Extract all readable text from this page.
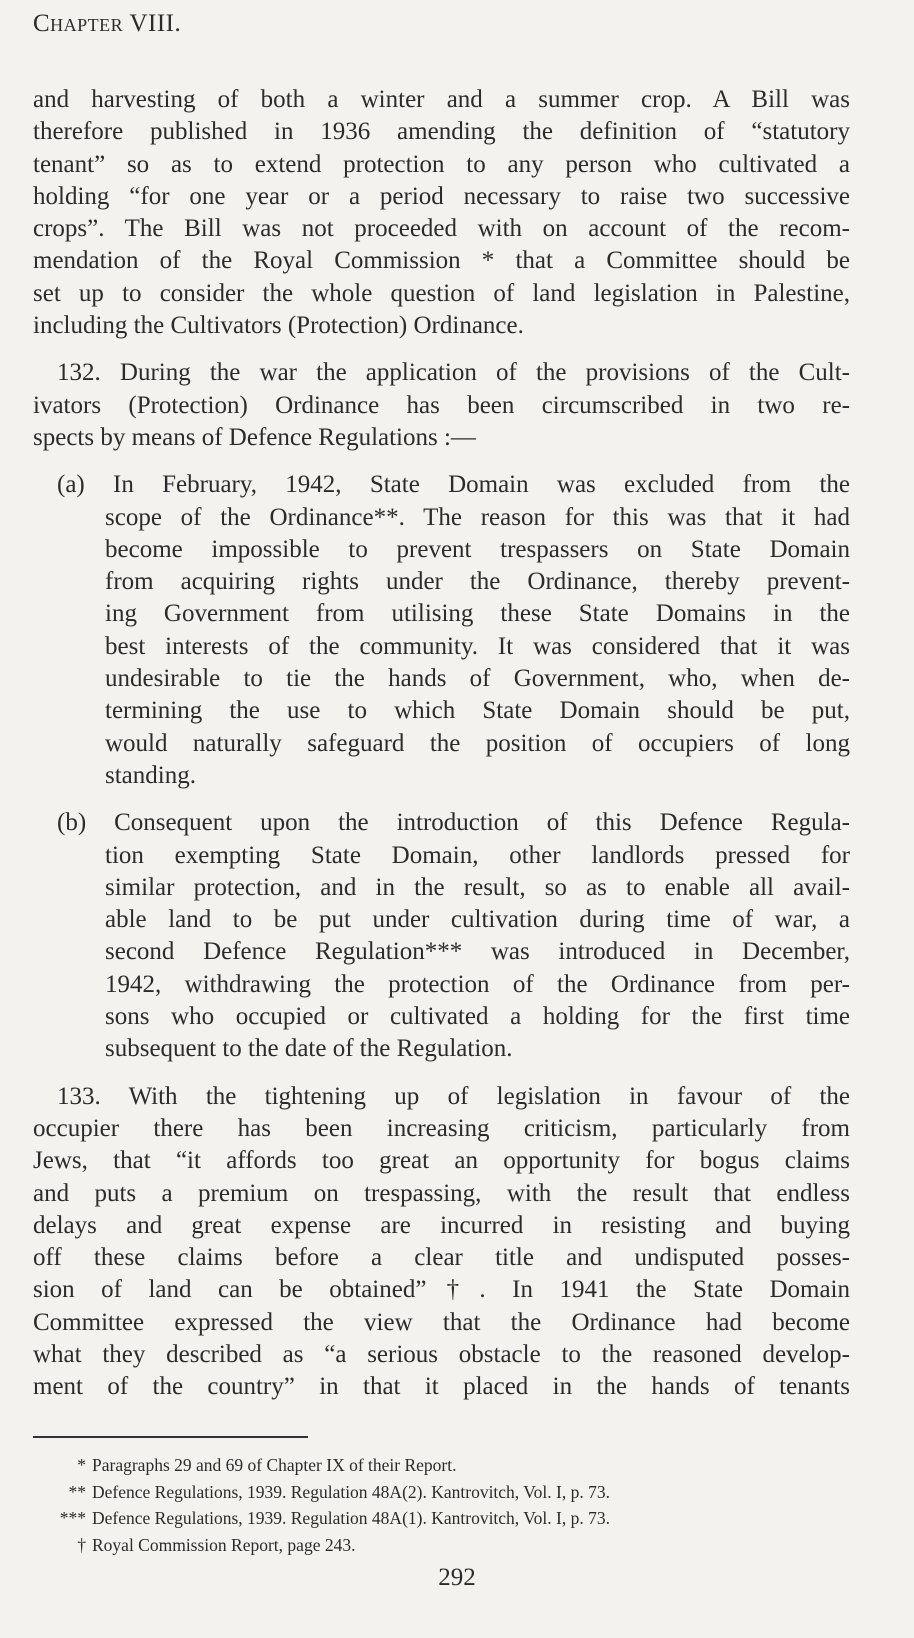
Chapter VIII.
and harvesting of both a winter and a summer crop. A Bill was
therefore published in 1936 amending the definition of “statutory
tenant” so as to extend protection to any person who cultivated a
holding “for one year or a period necessary to raise two successive
crops”. The Bill was not proceeded with on account of the recom-
mendation of the Royal Commission * that a Committee should be
set up to consider the whole question of land legislation in Palestine,
including the Cultivators (Protection) Ordinance.
132. During the war the application of the provisions of the Cult-
ivators (Protection) Ordinance has been circumscribed in two re-
spects by means of Defence Regulations :—
(a) In February, 1942, State Domain was excluded from the
scope of the Ordinance**. The reason for this was that it had
become impossible to prevent trespassers on State Domain
from acquiring rights under the Ordinance, thereby prevent-
ing Government from utilising these State Domains in the
best interests of the community. It was considered that it was
undesirable to tie the hands of Government, who, when de-
termining the use to which State Domain should be put,
would naturally safeguard the position of occupiers of long
standing.
(b) Consequent upon the introduction of this Defence Regula-
tion exempting State Domain, other landlords pressed for
similar protection, and in the result, so as to enable all avail-
able land to be put under cultivation during time of war, a
second Defence Regulation*** was introduced in December,
1942, withdrawing the protection of the Ordinance from per-
sons who occupied or cultivated a holding for the first time
subsequent to the date of the Regulation.
133. With the tightening up of legislation in favour of the
occupier there has been increasing criticism, particularly from
Jews, that “it affords too great an opportunity for bogus claims
and puts a premium on trespassing, with the result that endless
delays and great expense are incurred in resisting and buying
off these claims before a clear title and undisputed posses-
sion of land can be obtained”†. In 1941 the State Domain
Committee expressed the view that the Ordinance had become
what they described as “a serious obstacle to the reasoned develop-
ment of the country” in that it placed in the hands of tenants
* Paragraphs 29 and 69 of Chapter IX of their Report.
** Defence Regulations, 1939. Regulation 48A(2). Kantrovitch, Vol. I, p. 73.
*** Defence Regulations, 1939. Regulation 48A(1). Kantrovitch, Vol. I, p. 73.
† Royal Commission Report, page 243.
292
